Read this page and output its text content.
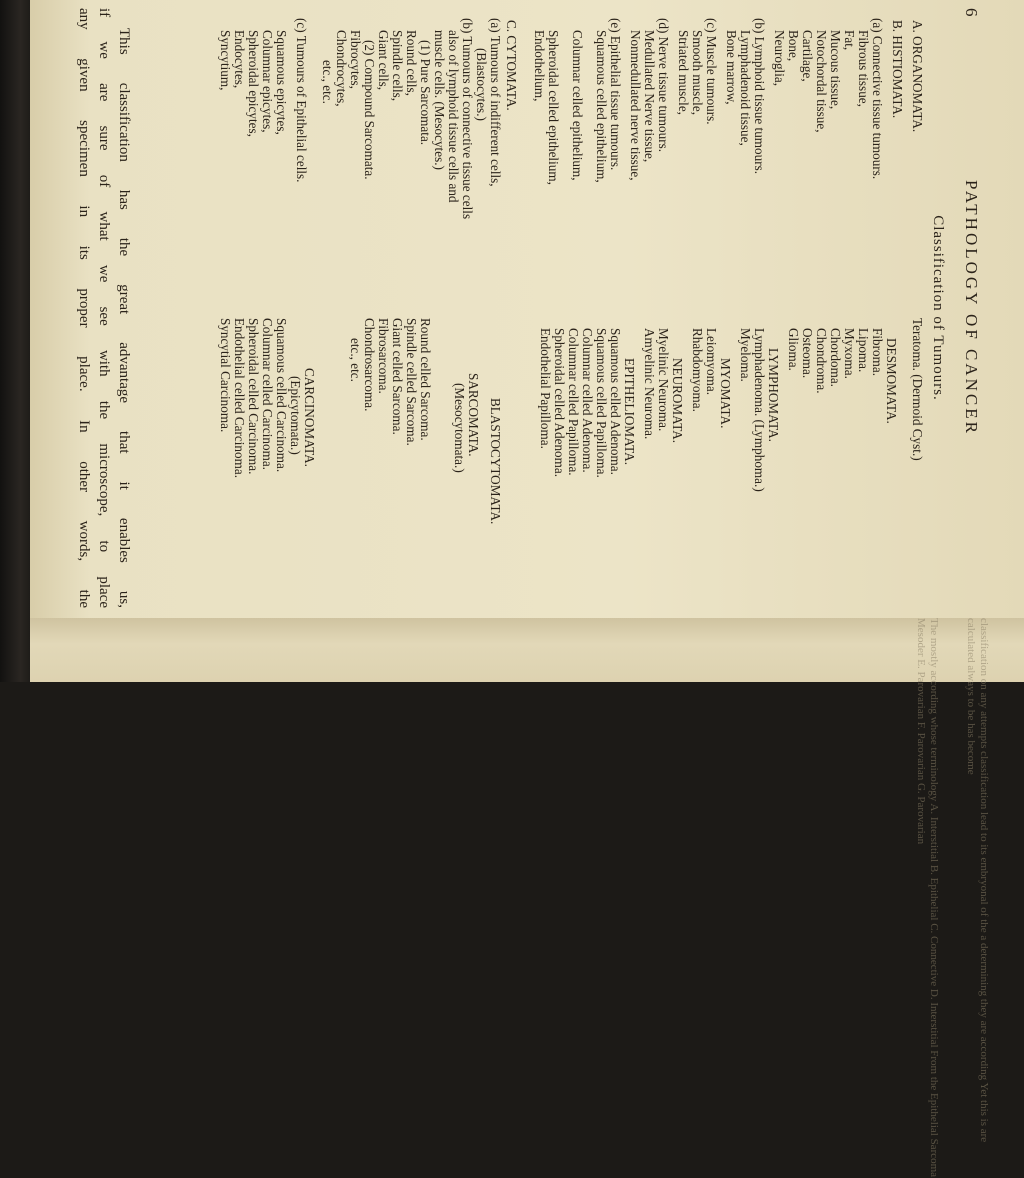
6
PATHOLOGY OF CANCER
Classification of Tumours.
A. ORGANOMATA.
B. HISTIOMATA.
(a) Connective tissue tumours.
Fibrous tissue,
Fat,
Mucous tissue,
Notochordal tissue,
Cartilage,
Bone,
Neuroglia,
(b) Lymphoid tissue tumours.
Lymphadenoid tissue,
Bone marrow,
(c) Muscle tumours.
Smooth muscle,
Striated muscle,
(d) Nerve tissue tumours.
Medullated Nerve tissue,
Nonmedullated nerve tissue,
(e) Epithelial tissue tumours.
Squamous celled epithelium,
Columnar celled epithelium,
Spheroidal celled epithelium,
Endothelium,
C. CYTOMATA.
(a) Tumours of indifferent cells,
(Blastocytes.)
(b) Tumours of connective tissue cells
also of lymphoid tissue cells and
muscle cells. (Mesocytes.)
(1) Pure Sarcomata.
Round cells,
Spindle cells,
Giant cells,
(2) Compound Sarcomata.
Fibrocytes,
Chondrocytes,
etc., etc.
(c) Tumours of Epithelial cells.
Squamous epicytes,
Columnar epicytes,
Spheroidal epicytes,
Endocytes,
Syncytium,
Teratoma. (Dermoid Cyst.)
DESMOMATA.
Fibroma.
Lipoma.
Myxoma.
Chordoma.
Chondroma.
Osteoma.
Glioma.
LYMPHOMATA.
Lymphadenoma. (Lymphoma.)
Myeloma.
MYOMATA.
Leiomyoma.
Rhabdomyoma.
NEUROMATA.
Myelinic Neuroma.
Amyelinic Neuroma.
EPITHELIOMATA.
Squamous celled Adenoma.
Squamous celled Papilloma.
Columnar celled Adenoma.
Columnar celled Papilloma.
Spheroidal celled Adenoma.
Endothelial Papilloma.
BLASTOCYTOMATA.
SARCOMATA.
(Mesocytomata.)
Round celled Sarcoma.
Spindle celled Sarcoma.
Giant celled Sarcoma.
Fibrosarcoma.
Chondrosarcoma.
etc., etc.
CARCINOMATA.
(Epicytomata.)
Squamous celled Carcinoma.
Columnar celled Carcinoma.
Spheroidal celled Carcinoma.
Endothelial celled Carcinoma.
Syncytial Carcinoma.
This classification has the great advantage that it enables us,
if we are sure of what we see with the microscope, to place
any given specimen in its proper place. In other words, the
classification on any attempts classification lead to its embryonal of the a determining they are according Yet this is are calculated always to be has become
The mostly according whose terminology A. Interstitial B. Epithelial C. Connective D. Interstitial From the Epithelial Sarcoma Mesoder E. Parovarian F. Parovarian G. Parovarian
